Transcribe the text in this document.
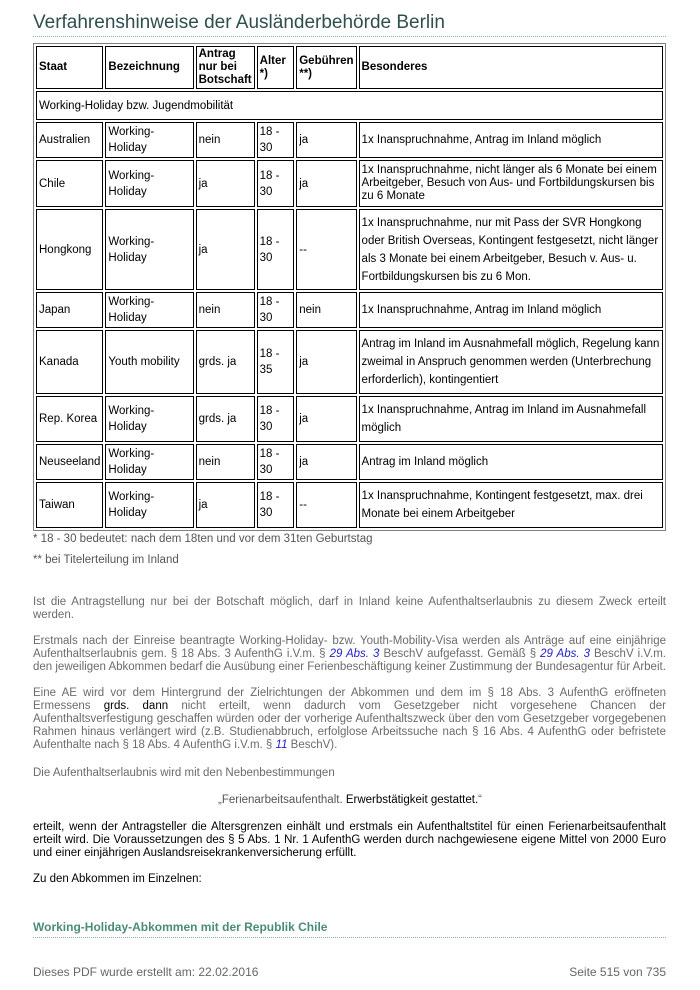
Verfahrenshinweise der Ausländerbehörde Berlin
Staat	Bezeichnung	Antrag nur bei Botschaft	Alter *)	Gebühren **)	Besonderes
Working-Holiday bzw. Jugendmobilität					
Australien	Working-Holiday	nein	18 - 30	ja	1x Inanspruchnahme, Antrag im Inland möglich
Chile	Working-Holiday	ja	18 - 30	ja	1x Inanspruchnahme, nicht länger als 6 Monate bei einem Arbeitgeber, Besuch von Aus- und Fortbildungskursen bis zu 6 Monate
Hongkong	Working-Holiday	ja	18 - 30	--	1x Inanspruchnahme, nur mit Pass der SVR Hongkong oder British Overseas, Kontingent festgesetzt, nicht länger als 3 Monate bei einem Arbeitgeber, Besuch v. Aus- u. Fortbildungskursen bis zu 6 Mon.
Japan	Working-Holiday	nein	18 - 30	nein	1x Inanspruchnahme, Antrag im Inland möglich
Kanada	Youth mobility	grds. ja	18 - 35	ja	Antrag im Inland im Ausnahmefall möglich, Regelung kann zweimal in Anspruch genommen werden (Unterbrechung erforderlich), kontingentiert
Rep. Korea	Working-Holiday	grds. ja	18 - 30	ja	1x Inanspruchnahme, Antrag im Inland im Ausnahmefall möglich
Neuseeland	Working-Holiday	nein	18 - 30	ja	Antrag im Inland möglich
Taiwan	Working-Holiday	ja	18 - 30	--	1x Inanspruchnahme, Kontingent festgesetzt, max. drei Monate bei einem Arbeitgeber
* 18 - 30 bedeutet: nach dem 18ten und vor dem 31ten Geburtstag
** bei Titelerteilung im Inland

Ist die Antragstellung nur bei der Botschaft möglich, darf in Inland keine Aufenthaltserlaubnis zu diesem Zweck erteilt werden.

Erstmals nach der Einreise beantragte Working-Holiday- bzw. Youth-Mobility-Visa werden als Anträge auf eine einjährige Aufenthaltserlaubnis gem. § 18 Abs. 3 AufenthG i.V.m. § 29 Abs. 3 BeschV aufgefasst. Gemäß § 29 Abs. 3 BeschV i.V.m. den jeweiligen Abkommen bedarf die Ausübung einer Ferienbeschäftigung keiner Zustimmung der Bundesagentur für Arbeit.

Eine AE wird vor dem Hintergrund der Zielrichtungen der Abkommen und dem im § 18 Abs. 3 AufenthG eröffneten Ermessens grds. dann nicht erteilt, wenn dadurch vom Gesetzgeber nicht vorgesehene Chancen der Aufenthaltsverfestigung geschaffen würden oder der vorherige Aufenthaltszweck über den vom Gesetzgeber vorgegebenen Rahmen hinaus verlängert wird (z.B. Studienabbruch, erfolglose Arbeitssuche nach § 16 Abs. 4 AufenthG oder befristete Aufenthalte nach § 18 Abs. 4 AufenthG i.V.m. § 11 BeschV).

Die Aufenthaltserlaubnis wird mit den Nebenbestimmungen

„Ferienarbeitsaufenthalt. Erwerbstätigkeit gestattet.“

erteilt, wenn der Antragsteller die Altersgrenzen einhält und erstmals ein Aufenthaltstitel für einen Ferienarbeitsaufenthalt erteilt wird. Die Voraussetzungen des § 5 Abs. 1 Nr. 1 AufenthG werden durch nachgewiesene eigene Mittel von 2000 Euro und einer einjährigen Auslandsreisekrankenversicherung erfüllt.

Zu den Abkommen im Einzelnen:

Working-Holiday-Abkommen mit der Republik Chile
Dieses PDF wurde erstellt am: 22.02.2016	Seite 515 von 735
